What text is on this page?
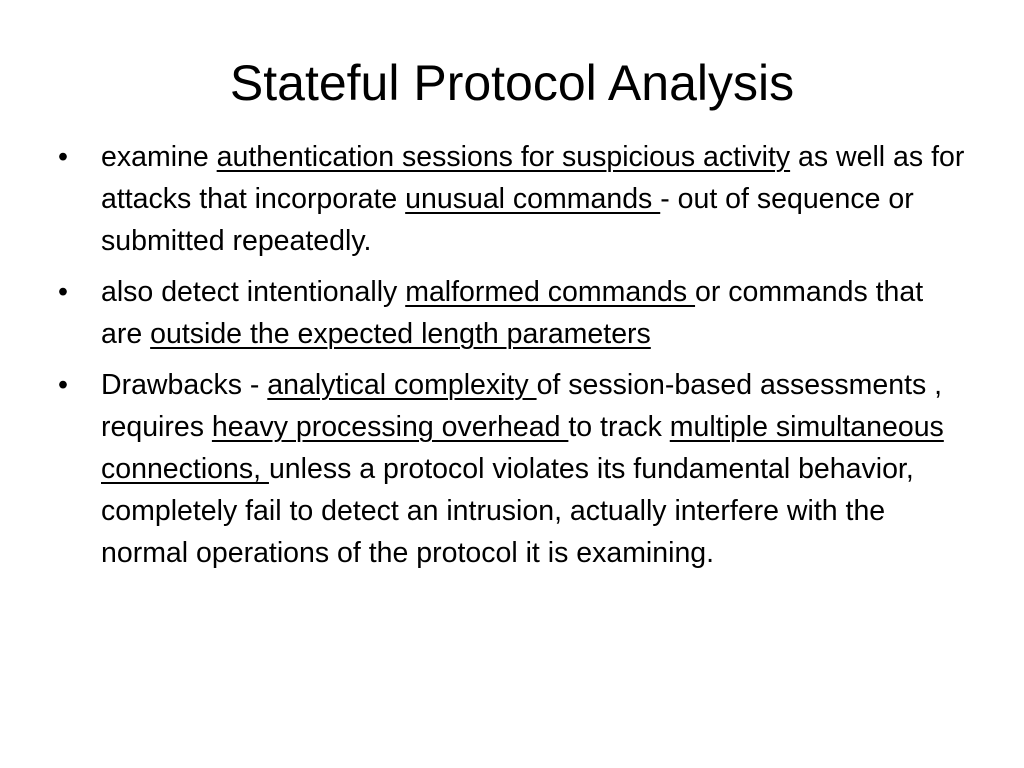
Stateful Protocol Analysis
• examine authentication sessions for suspicious activity as well as for attacks that incorporate unusual commands - out of sequence or submitted repeatedly.
• also detect intentionally malformed commands or commands that are outside the expected length parameters
• Drawbacks - analytical complexity of session-based assessments , requires heavy processing overhead to track multiple simultaneous connections, unless a protocol violates its fundamental behavior, completely fail to detect an intrusion, actually interfere with the normal operations of the protocol it is examining.
